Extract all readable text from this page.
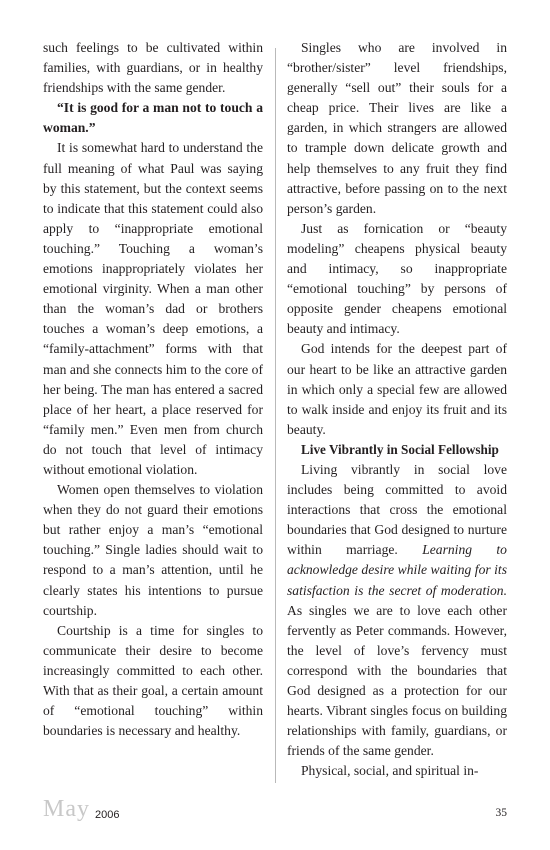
such feelings to be cultivated within families, with guardians, or in healthy friendships with the same gender.

“It is good for a man not to touch a woman.”

It is somewhat hard to understand the full meaning of what Paul was saying by this statement, but the context seems to indicate that this statement could also apply to “inappropriate emotional touching.” Touching a woman’s emotions inappropriately violates her emotional virginity. When a man other than the woman’s dad or brothers touches a woman’s deep emotions, a “family-attachment” forms with that man and she connects him to the core of her being. The man has entered a sacred place of her heart, a place reserved for “family men.” Even men from church do not touch that level of intimacy without emotional violation.

Women open themselves to violation when they do not guard their emotions but rather enjoy a man’s “emotional touching.” Single ladies should wait to respond to a man’s attention, until he clearly states his intentions to pursue courtship.

Courtship is a time for singles to communicate their desire to become increasingly committed to each other. With that as their goal, a certain amount of “emotional touching” within boundaries is necessary and healthy.

Singles who are involved in “brother/sister” level friendships, generally “sell out” their souls for a cheap price. Their lives are like a garden, in which strangers are allowed to trample down delicate growth and help themselves to any fruit they find attractive, before passing on to the next person’s garden.

Just as fornication or “beauty modeling” cheapens physical beauty and intimacy, so inappropriate “emotional touching” by persons of opposite gender cheapens emotional beauty and intimacy.

God intends for the deepest part of our heart to be like an attractive garden in which only a special few are allowed to walk inside and enjoy its fruit and its beauty.

Live Vibrantly in Social Fellowship

Living vibrantly in social love includes being committed to avoid interactions that cross the emotional boundaries that God designed to nurture within marriage. Learning to acknowledge desire while waiting for its satisfaction is the secret of moderation. As singles we are to love each other fervently as Peter commands. However, the level of love’s fervency must correspond with the boundaries that God designed as a protection for our hearts. Vibrant singles focus on building relationships with family, guardians, or friends of the same gender.

Physical, social, and spiritual in-

May 2006	35
